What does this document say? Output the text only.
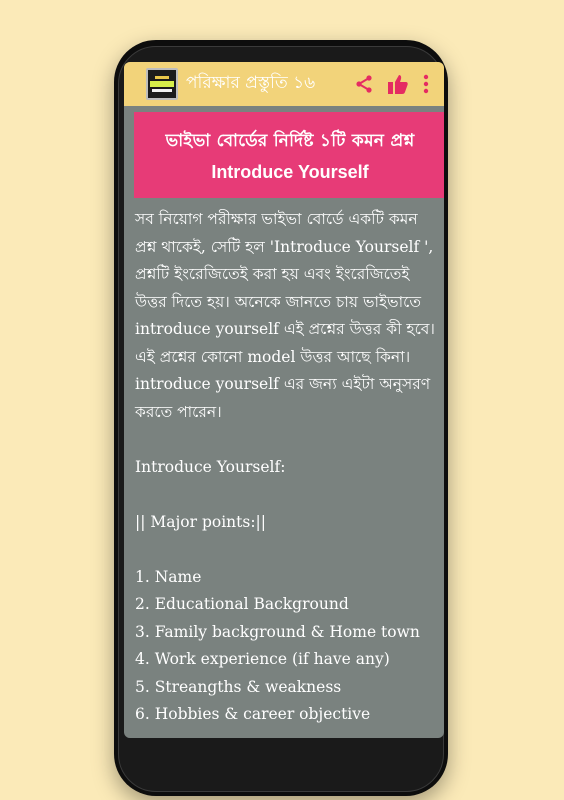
পরিক্ষার প্রস্তুতি ১৬
ভাইভা বোর্ডের নির্দিষ্ট ১টি কমন প্রশ্ন
Introduce Yourself

সব নিয়োগ পরীক্ষার ভাইভা বোর্ডে একটি কমন প্রশ্ন থাকেই, সেটি হল 'Introduce Yourself ', প্রশ্নটি ইংরেজিতেই করা হয় এবং ইংরেজিতেই উত্তর দিতে হয়। অনেকে জানতে চায় ভাইভাতে introduce yourself এই প্রশ্নের উত্তর কী হবে। এই প্রশ্নের কোনো model উত্তর আছে কিনা। introduce yourself এর জন্য এইটা অনুসরণ করতে পারেন।

Introduce Yourself:

|| Major points:||

1. Name

2. Educational Background

3. Family background & Home town

4. Work experience (if have any)

5. Streangths & weakness

6. Hobbies & career objective
